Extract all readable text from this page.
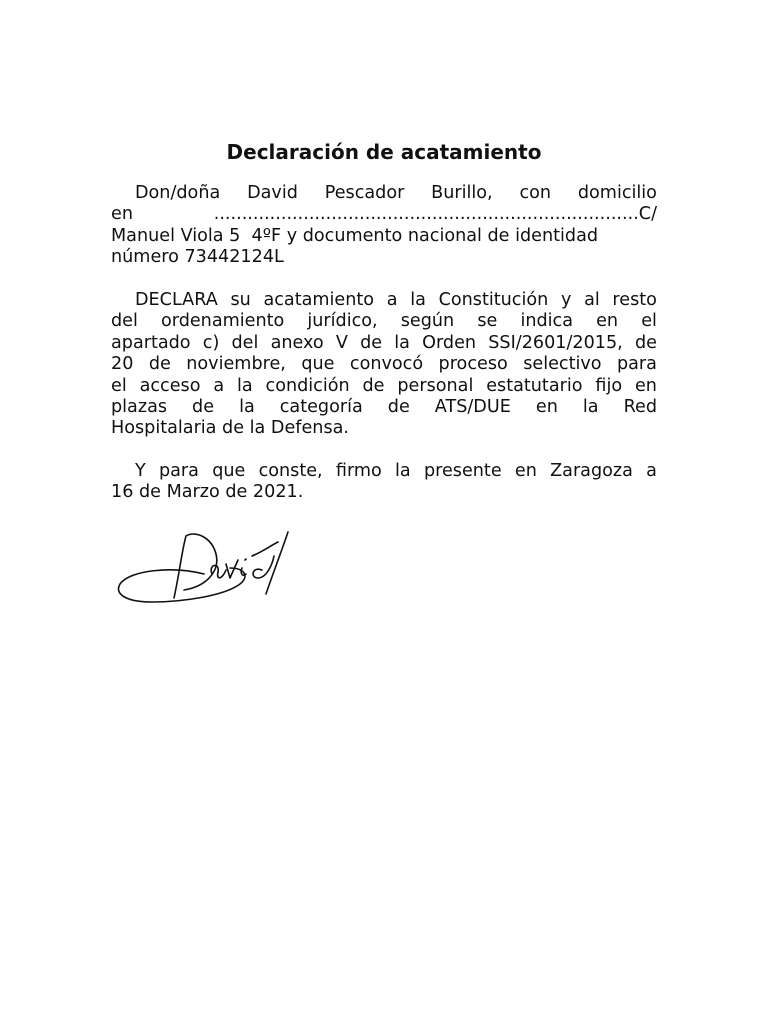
Declaración de acatamiento
Don/doña David Pescador Burillo, con domicilio
en	............................................................................C/
Manuel Viola 5  4ºF y documento nacional de identidad
número 73442124L
DECLARA su acatamiento a la Constitución y al resto
del ordenamiento jurídico, según se indica en el
apartado c) del anexo V de la Orden SSI/2601/2015, de
20 de noviembre, que convocó proceso selectivo para
el acceso a la condición de personal estatutario fijo en
plazas de la categoría de ATS/DUE en la Red
Hospitalaria de la Defensa.
Y para que conste, firmo la presente en Zaragoza a
16 de Marzo de 2021.
